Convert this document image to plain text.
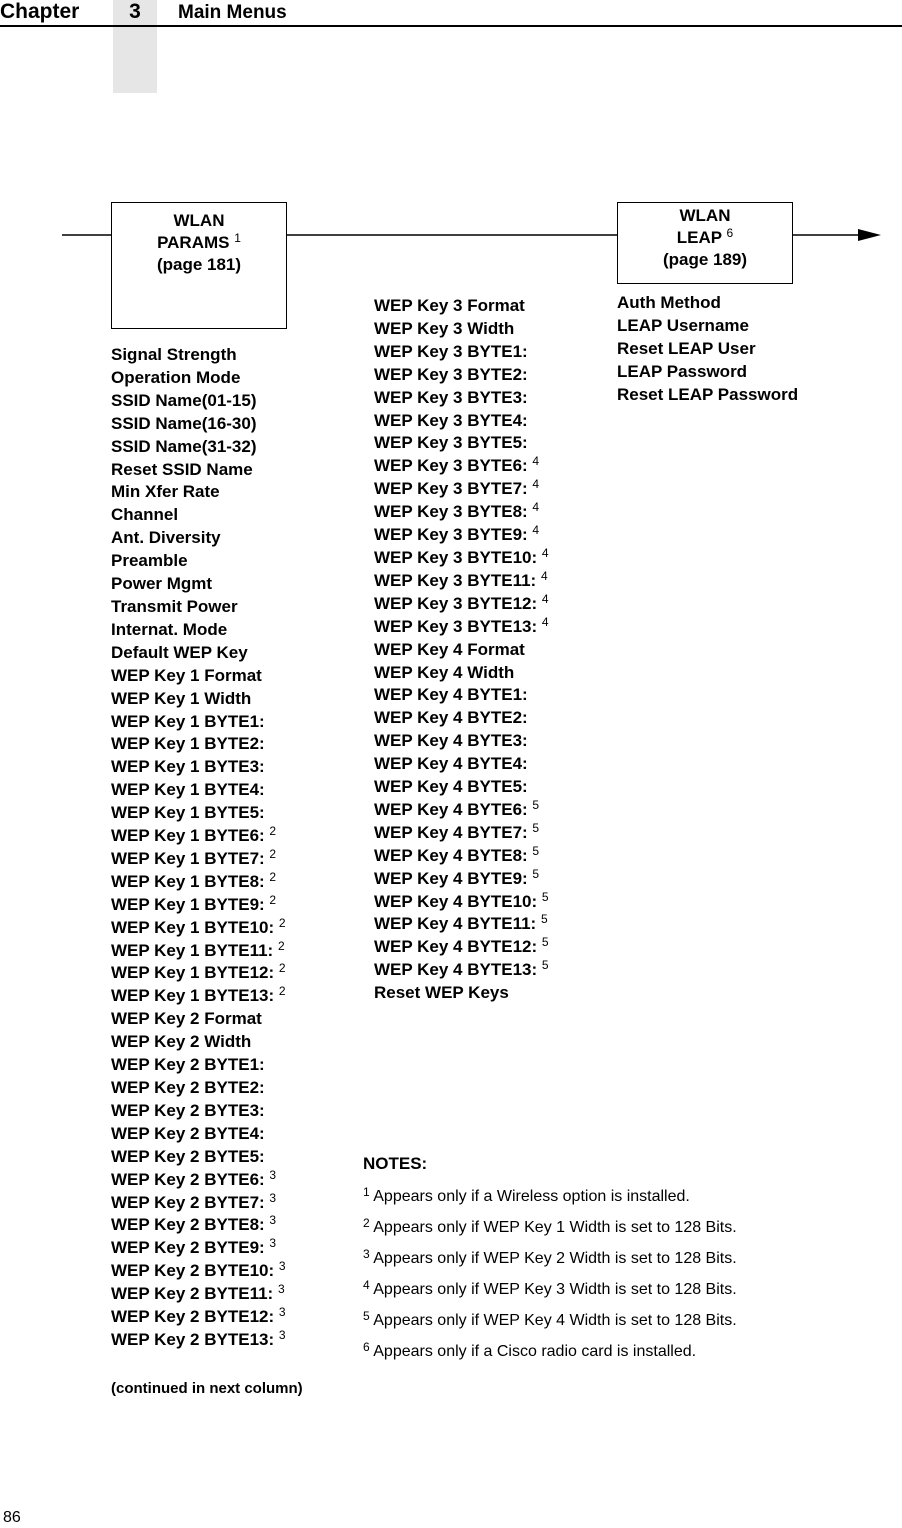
3
Chapter	Main Menus
WLAN
PARAMS $^1$
(page 181)
WLAN
LEAP $^6$
(page 189)
Signal Strength
Operation Mode
SSID Name(01-15)
SSID Name(16-30)
SSID Name(31-32)
Reset SSID Name
Min Xfer Rate
Channel
Ant. Diversity
Preamble
Power Mgmt
Transmit Power
Internat. Mode
Default WEP Key
WEP Key 1 Format
WEP Key 1 Width
WEP Key 1 BYTE1:
WEP Key 1 BYTE2:
WEP Key 1 BYTE3:
WEP Key 1 BYTE4:
WEP Key 1 BYTE5:
WEP Key 1 BYTE6: $^2$
WEP Key 1 BYTE7: $^2$
WEP Key 1 BYTE8: $^2$
WEP Key 1 BYTE9: $^2$
WEP Key 1 BYTE10: $^2$
WEP Key 1 BYTE11: $^2$
WEP Key 1 BYTE12: $^2$
WEP Key 1 BYTE13: $^2$
WEP Key 2 Format
WEP Key 2 Width
WEP Key 2 BYTE1:
WEP Key 2 BYTE2:
WEP Key 2 BYTE3:
WEP Key 2 BYTE4:
WEP Key 2 BYTE5:
WEP Key 2 BYTE6: $^3$
WEP Key 2 BYTE7: $^3$
WEP Key 2 BYTE8: $^3$
WEP Key 2 BYTE9: $^3$
WEP Key 2 BYTE10: $^3$
WEP Key 2 BYTE11: $^3$
WEP Key 2 BYTE12: $^3$
WEP Key 2 BYTE13: $^3$
WEP Key 3 Format
WEP Key 3 Width
WEP Key 3 BYTE1:
WEP Key 3 BYTE2:
WEP Key 3 BYTE3:
WEP Key 3 BYTE4:
WEP Key 3 BYTE5:
WEP Key 3 BYTE6: $^4$
WEP Key 3 BYTE7: $^4$
WEP Key 3 BYTE8: $^4$
WEP Key 3 BYTE9: $^4$
WEP Key 3 BYTE10: $^4$
WEP Key 3 BYTE11: $^4$
WEP Key 3 BYTE12: $^4$
WEP Key 3 BYTE13: $^4$
WEP Key 4 Format
WEP Key 4 Width
WEP Key 4 BYTE1:
WEP Key 4 BYTE2:
WEP Key 4 BYTE3:
WEP Key 4 BYTE4:
WEP Key 4 BYTE5:
WEP Key 4 BYTE6: $^5$
WEP Key 4 BYTE7: $^5$
WEP Key 4 BYTE8: $^5$
WEP Key 4 BYTE9: $^5$
WEP Key 4 BYTE10: $^5$
WEP Key 4 BYTE11: $^5$
WEP Key 4 BYTE12: $^5$
WEP Key 4 BYTE13: $^5$
Reset WEP Keys
Auth Method
LEAP Username
Reset LEAP User
LEAP Password
Reset LEAP Password
(continued in next column)
NOTES:
$^1$ Appears only if a Wireless option is installed.
$^2$ Appears only if WEP Key 1 Width is set to 128 Bits.
$^3$ Appears only if WEP Key 2 Width is set to 128 Bits.
$^4$ Appears only if WEP Key 3 Width is set to 128 Bits.
$^5$ Appears only if WEP Key 4 Width is set to 128 Bits.
$^6$ Appears only if a Cisco radio card is installed.
86
